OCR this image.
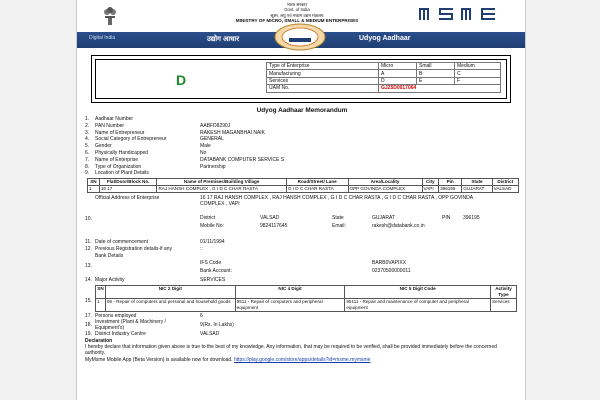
भारत सरकार
Govt. of India
सूक्ष्म, लघु एवं मध्यम उद्यम मंत्रालय
MINISTRY OF MICRO, SMALL & MEDIUM ENTERPRISES
Digital India	उद्योग आधार	Udyog Aadhaar
D
Type of Enterprise	Micro	Small	Medium
Manufacturing	A	B	C
Services	D	E	F
UAM No.	GJ25D0017064		
Udyog Aadhaar Memorandum
1.	Aadhaar Number
2.	PAN Number	AABFD8290J
3.	Name of Entrepreneur	RAKESH MAGANBHAI NAIK
4.	Social Category of Entrepreneur	GENERAL
5.	Gender	Male
6.	Physically Handicapped	No
7.	Name of Enterprise	DATABANK COMPUTER SERVICE S
8.	Type of Organization	Partnership
9.	Location of Plant Details
SN	Flat/Door/Block No.	Name of Premises/Building Village	Road/Street/ Lane	Area/Locality	City	Pin	State	District
1	16 17	RAJ HANSH COMPLEX , G I D C CHAR RASTA	G I D C CHAR RASTA	OPP GOVINDA COMPLEX	VAPI	396195	GUJARAT	VALSAD
10.
Official Address of Enterprise	16 17 RAJ HANSH COMPLEX , RAJ HANSH COMPLEX , G I D C CHAR RASTA , G I D C CHAR RASTA , OPP GOVINDA COMPLEX , VAPI
District	VALSAD	State	GUJARAT	PIN	396195
Mobile No:	9824117645	Email:	rakesh@databank.co.in
11. Date of commencement	01/11/1994
12. Previous Registration details-if any	::
Bank Details
13.	IFS Code	BARB0VAPIXX
Bank Account:	02370500000011
14. Major Activity	SERVICES
15.
SN	NIC 2 Digit	NIC 4 Digit	NIC 5 Digit Code	Activity Type
1	95 - Repair of computers and personal and household goods	9511 - Repair of computers and peripheral equipment	95111 - Repair and maintenance of computer and peripheral equipment	Services
17. Persons employed	6
18. Investment (Plant & Machinery / Equipment's)	9(Rs. In Lakhs)
19. District Industry Centre	VALSAD
Declaration
I hereby declare that information given above is true to the best of my knowledge. Any information, that may be required to be verified, shall be provided immediately before the concerned authority.
MyMsme Mobile App (Beta Version) is available now for download. https://play.google.com/store/apps/details?id=msme.mymsme
